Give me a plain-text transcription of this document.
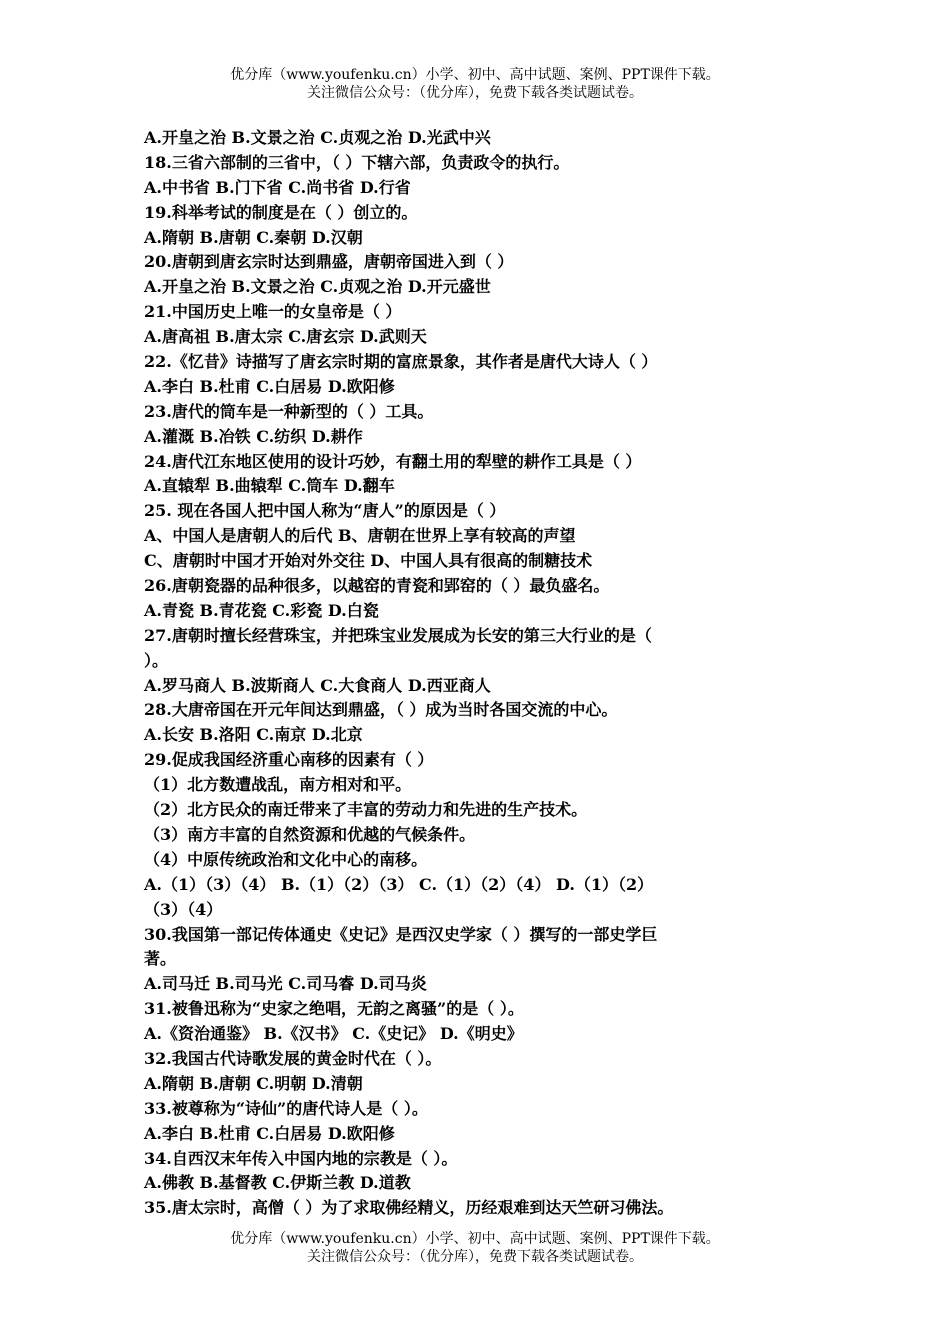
优分库（www.youfenku.cn）小学、初中、高中试题、案例、PPT课件下载。
关注微信公众号：（优分库），免费下载各类试题试卷。
A.开皇之治 B.文景之治 C.贞观之治 D.光武中兴
18.三省六部制的三省中，（ ）下辖六部，负责政令的执行。
A.中书省 B.门下省 C.尚书省 D.行省
19.科举考试的制度是在（ ）创立的。
A.隋朝 B.唐朝 C.秦朝 D.汉朝
20.唐朝到唐玄宗时达到鼎盛，唐朝帝国进入到（ ）
A.开皇之治 B.文景之治 C.贞观之治 D.开元盛世
21.中国历史上唯一的女皇帝是（ ）
A.唐高祖 B.唐太宗 C.唐玄宗 D.武则天
22.《忆昔》诗描写了唐玄宗时期的富庶景象，其作者是唐代大诗人（ ）
A.李白 B.杜甫 C.白居易 D.欧阳修
23.唐代的筒车是一种新型的（ ）工具。
A.灌溉 B.冶铁 C.纺织 D.耕作
24.唐代江东地区使用的设计巧妙，有翻土用的犁壁的耕作工具是（ ）
A.直辕犁 B.曲辕犁 C.筒车 D.翻车
25. 现在各国人把中国人称为“唐人”的原因是（ ）
A、中国人是唐朝人的后代 B、唐朝在世界上享有较高的声望
C、唐朝时中国才开始对外交往 D、中国人具有很高的制糖技术
26.唐朝瓷器的品种很多，以越窑的青瓷和郢窑的（ ）最负盛名。
A.青瓷 B.青花瓷 C.彩瓷 D.白瓷
27.唐朝时擅长经营珠宝，并把珠宝业发展成为长安的第三大行业的是（
）。
A.罗马商人 B.波斯商人 C.大食商人 D.西亚商人
28.大唐帝国在开元年间达到鼎盛，（ ）成为当时各国交流的中心。
A.长安 B.洛阳 C.南京 D.北京
29.促成我国经济重心南移的因素有（ ）
（1）北方数遭战乱，南方相对和平。
（2）北方民众的南迁带来了丰富的劳动力和先进的生产技术。
（3）南方丰富的自然资源和优越的气候条件。
（4）中原传统政治和文化中心的南移。
A.（1）（3）（4） B.（1）（2）（3） C.（1）（2）（4） D.（1）（2）
（3）（4）
30.我国第一部记传体通史《史记》是西汉史学家（ ）撰写的一部史学巨
著。
A.司马迁 B.司马光 C.司马睿 D.司马炎
31.被鲁迅称为“史家之绝唱，无韵之离骚”的是（ ）。
A.《资治通鉴》 B.《汉书》 C.《史记》 D.《明史》
32.我国古代诗歌发展的黄金时代在（ ）。
A.隋朝 B.唐朝 C.明朝 D.清朝
33.被尊称为“诗仙”的唐代诗人是（ ）。
A.李白 B.杜甫 C.白居易 D.欧阳修
34.自西汉末年传入中国内地的宗教是（ ）。
A.佛教 B.基督教 C.伊斯兰教 D.道教
35.唐太宗时，高僧（ ）为了求取佛经精义，历经艰难到达天竺研习佛法。
优分库（www.youfenku.cn）小学、初中、高中试题、案例、PPT课件下载。
关注微信公众号：（优分库），免费下载各类试题试卷。
